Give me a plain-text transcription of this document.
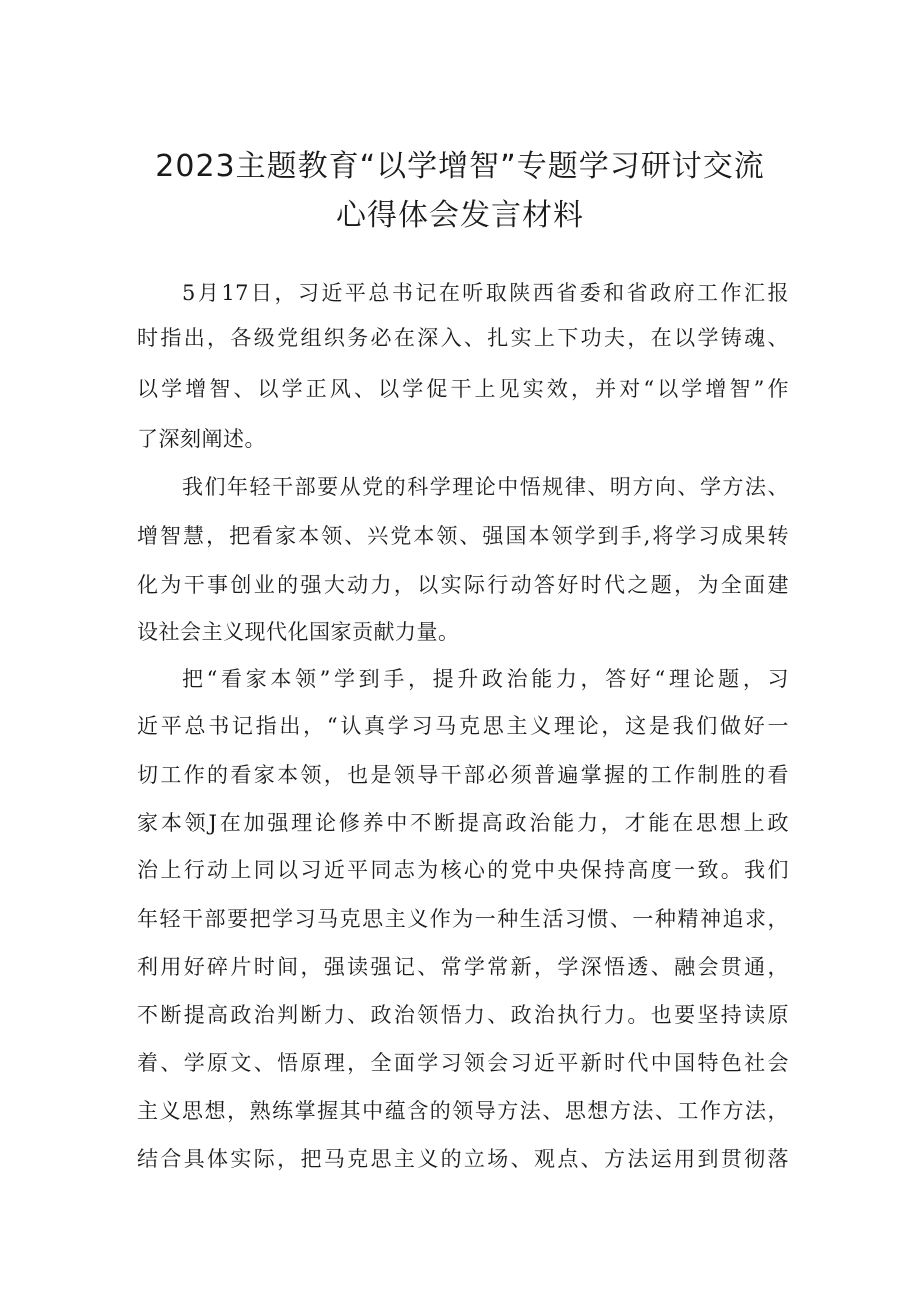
2023主题教育“以学增智”专题学习研讨交流
心得体会发言材料
5月17日，习近平总书记在听取陕西省委和省政府工作汇报
时指出，各级党组织务必在深入、扎实上下功夫，在以学铸魂、
以学增智、以学正风、以学促干上见实效，并对“以学增智”作
了深刻阐述。
我们年轻干部要从党的科学理论中悟规律、明方向、学方法、
增智慧，把看家本领、兴党本领、强国本领学到手,将学习成果转
化为干事创业的强大动力，以实际行动答好时代之题，为全面建
设社会主义现代化国家贡献力量。
把“看家本领”学到手，提升政治能力，答好“理论题，习
近平总书记指出，“认真学习马克思主义理论，这是我们做好一
切工作的看家本领，也是领导干部必须普遍掌握的工作制胜的看
家本领J在加强理论修养中不断提高政治能力，才能在思想上政
治上行动上同以习近平同志为核心的党中央保持高度一致。我们
年轻干部要把学习马克思主义作为一种生活习惯、一种精神追求，
利用好碎片时间，强读强记、常学常新，学深悟透、融会贯通，
不断提高政治判断力、政治领悟力、政治执行力。也要坚持读原
着、学原文、悟原理，全面学习领会习近平新时代中国特色社会
主义思想，熟练掌握其中蕴含的领导方法、思想方法、工作方法，
结合具体实际，把马克思主义的立场、观点、方法运用到贯彻落
